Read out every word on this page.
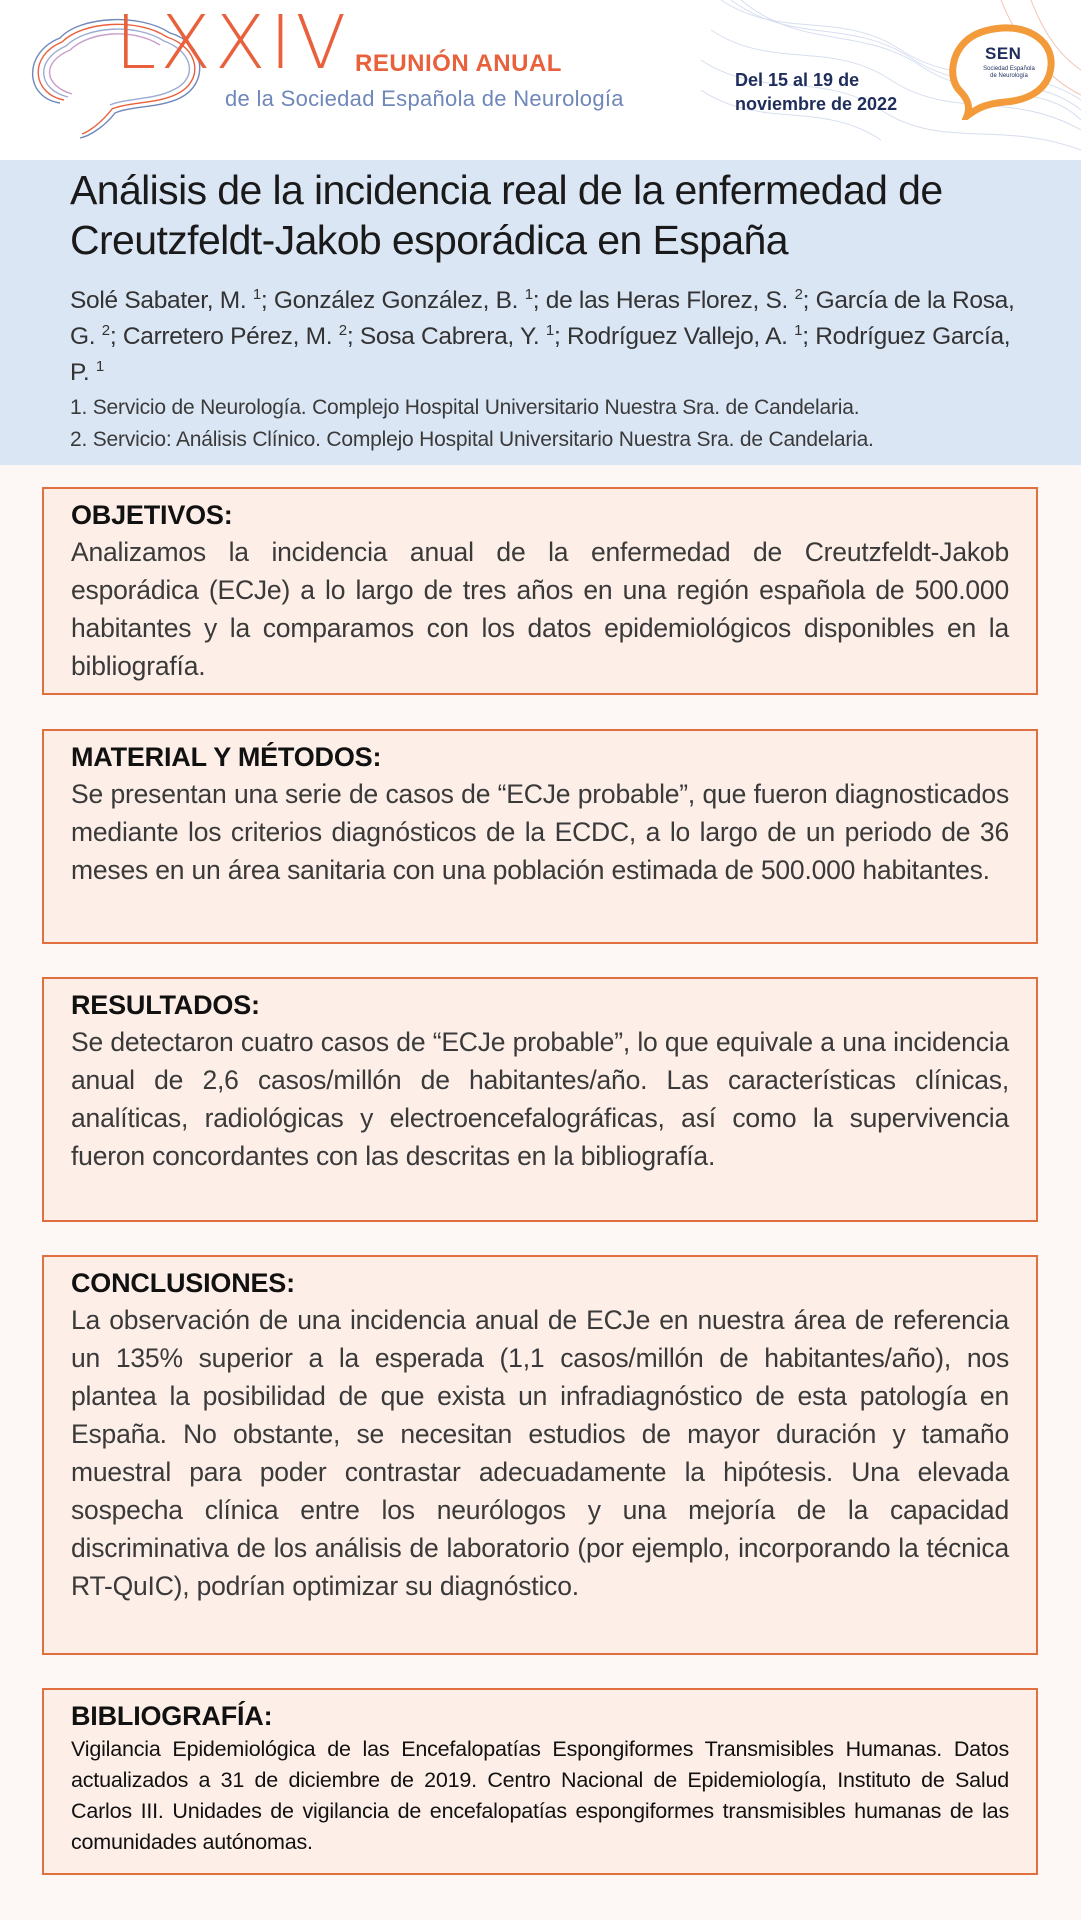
LXXIV REUNIÓN ANUAL
de la Sociedad Española de Neurología
Del 15 al 19 de
noviembre de 2022
SEN
Sociedad Española de Neurología
Análisis de la incidencia real de la enfermedad de Creutzfeldt-Jakob esporádica en España
Solé Sabater, M. $^1$; González González, B. $^1$; de las Heras Florez, S. $^2$; García de la Rosa, G. $^2$; Carretero Pérez, M. $^2$; Sosa Cabrera, Y. $^1$; Rodríguez Vallejo, A. $^1$; Rodríguez García, P. $^1$
1. Servicio de Neurología. Complejo Hospital Universitario Nuestra Sra. de Candelaria.
2. Servicio: Análisis Clínico. Complejo Hospital Universitario Nuestra Sra. de Candelaria.
OBJETIVOS:

Analizamos la incidencia anual de la enfermedad de Creutzfeldt-Jakob esporádica (ECJe) a lo largo de tres años en una región española de 500.000 habitantes y la comparamos con los datos epidemiológicos disponibles en la bibliografía.

MATERIAL Y MÉTODOS:

Se presentan una serie de casos de “ECJe probable”, que fueron diagnosticados mediante los criterios diagnósticos de la ECDC, a lo largo de un periodo de 36 meses en un área sanitaria con una población estimada de 500.000 habitantes.

RESULTADOS:

Se detectaron cuatro casos de “ECJe probable”, lo que equivale a una incidencia anual de 2,6 casos/millón de habitantes/año. Las características clínicas, analíticas, radiológicas y electroencefalográficas, así como la supervivencia fueron concordantes con las descritas en la bibliografía.

CONCLUSIONES:

La observación de una incidencia anual de ECJe en nuestra área de referencia un 135% superior a la esperada (1,1 casos/millón de habitantes/año), nos plantea la posibilidad de que exista un infradiagnóstico de esta patología en España. No obstante, se necesitan estudios de mayor duración y tamaño muestral para poder contrastar adecuadamente la hipótesis. Una elevada sospecha clínica entre los neurólogos y una mejoría de la capacidad discriminativa de los análisis de laboratorio (por ejemplo, incorporando la técnica RT-QuIC), podrían optimizar su diagnóstico.

BIBLIOGRAFÍA:

Vigilancia Epidemiológica de las Encefalopatías Espongiformes Transmisibles Humanas. Datos actualizados a 31 de diciembre de 2019. Centro Nacional de Epidemiología, Instituto de Salud Carlos III. Unidades de vigilancia de encefalopatías espongiformes transmisibles humanas de las comunidades autónomas.
